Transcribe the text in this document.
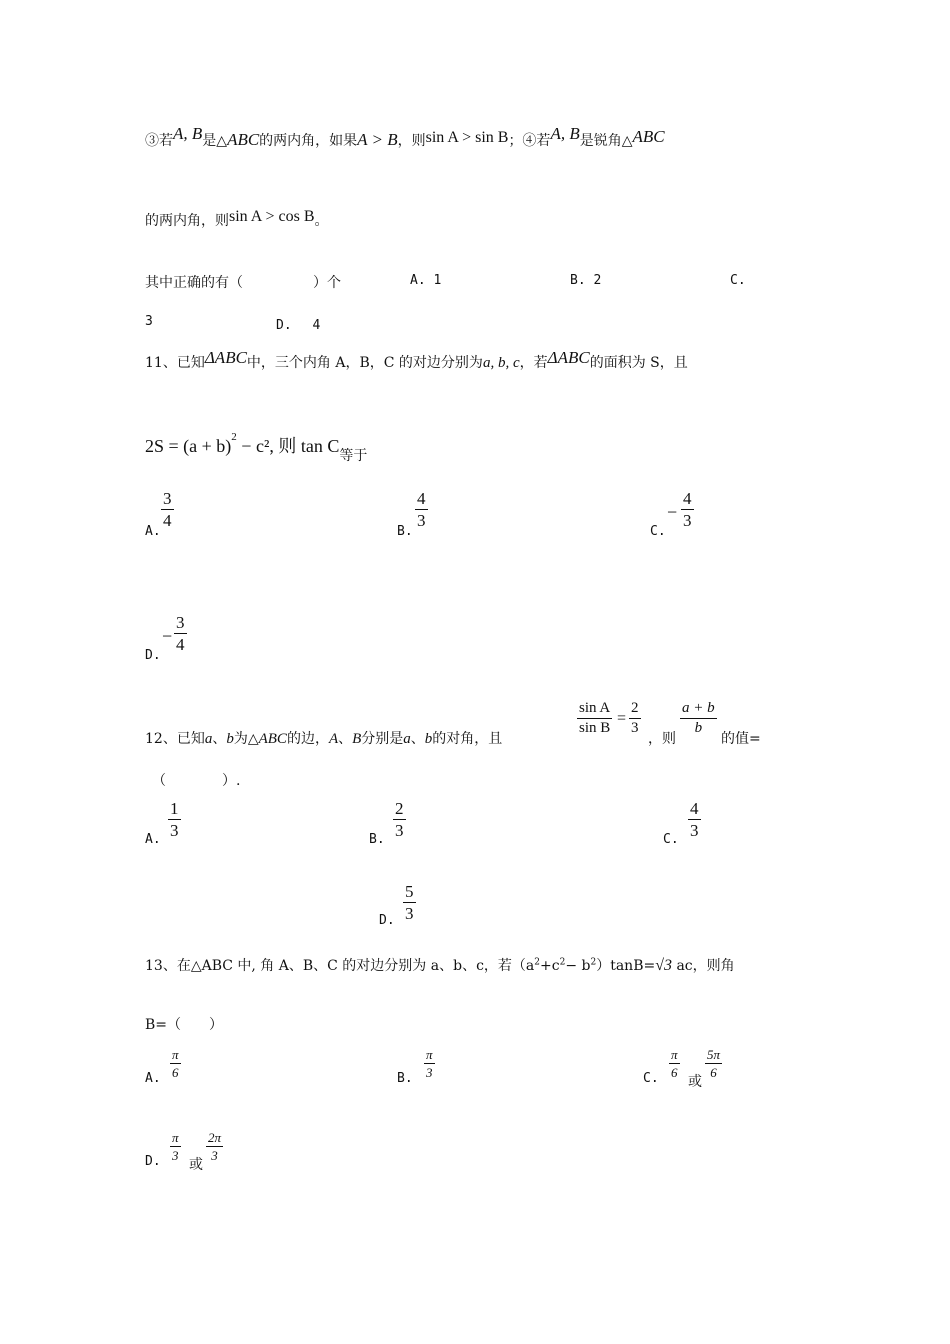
③若A, B是△ABC的两内角，如果A > B，则sin A > sin B；④若A, B是锐角△ABC
的两内角，则sin A > cos B。
其中正确的有（　　　　　）个	A. 1	B. 2	C.
3	D.　 4
11、已知ΔABC中，三个内角 A，B，C 的对边分别为a, b, c，若ΔABC的面积为 S，且
$2S = (a + b)^2 - c^2$, 则 tan C等于
A.
$\frac{3}{4}$
B.
$\frac{4}{3}$
C.
− $\frac{4}{3}$
D.
− $\frac{3}{4}$
12、已知a、b为△ABC的边，A、B分别是a、b的对角，且
$\frac{\text{sin A}}{\text{sin B}} = \frac{2}{3}$
，则
$\frac{a + b}{b}$
的值=
（　　　　）.
A.
$\frac{1}{3}$
B.
$\frac{2}{3}$
C.
$\frac{4}{3}$
D. $\frac{5}{3}$
13、在△ABC 中, 角 A、B、C 的对边分别为 a、b、c，若$(a^2+c^2- b^2)\tan B=√3$ ac，则角
B=（　　）
A. $\frac{\pi}{6}$	B. $\frac{\pi}{3}$	C. $\frac{\pi}{6}$
或
$\frac{5\pi}{6}$
D. $\frac{\pi}{3}$
或
$\frac{2\pi}{3}$
